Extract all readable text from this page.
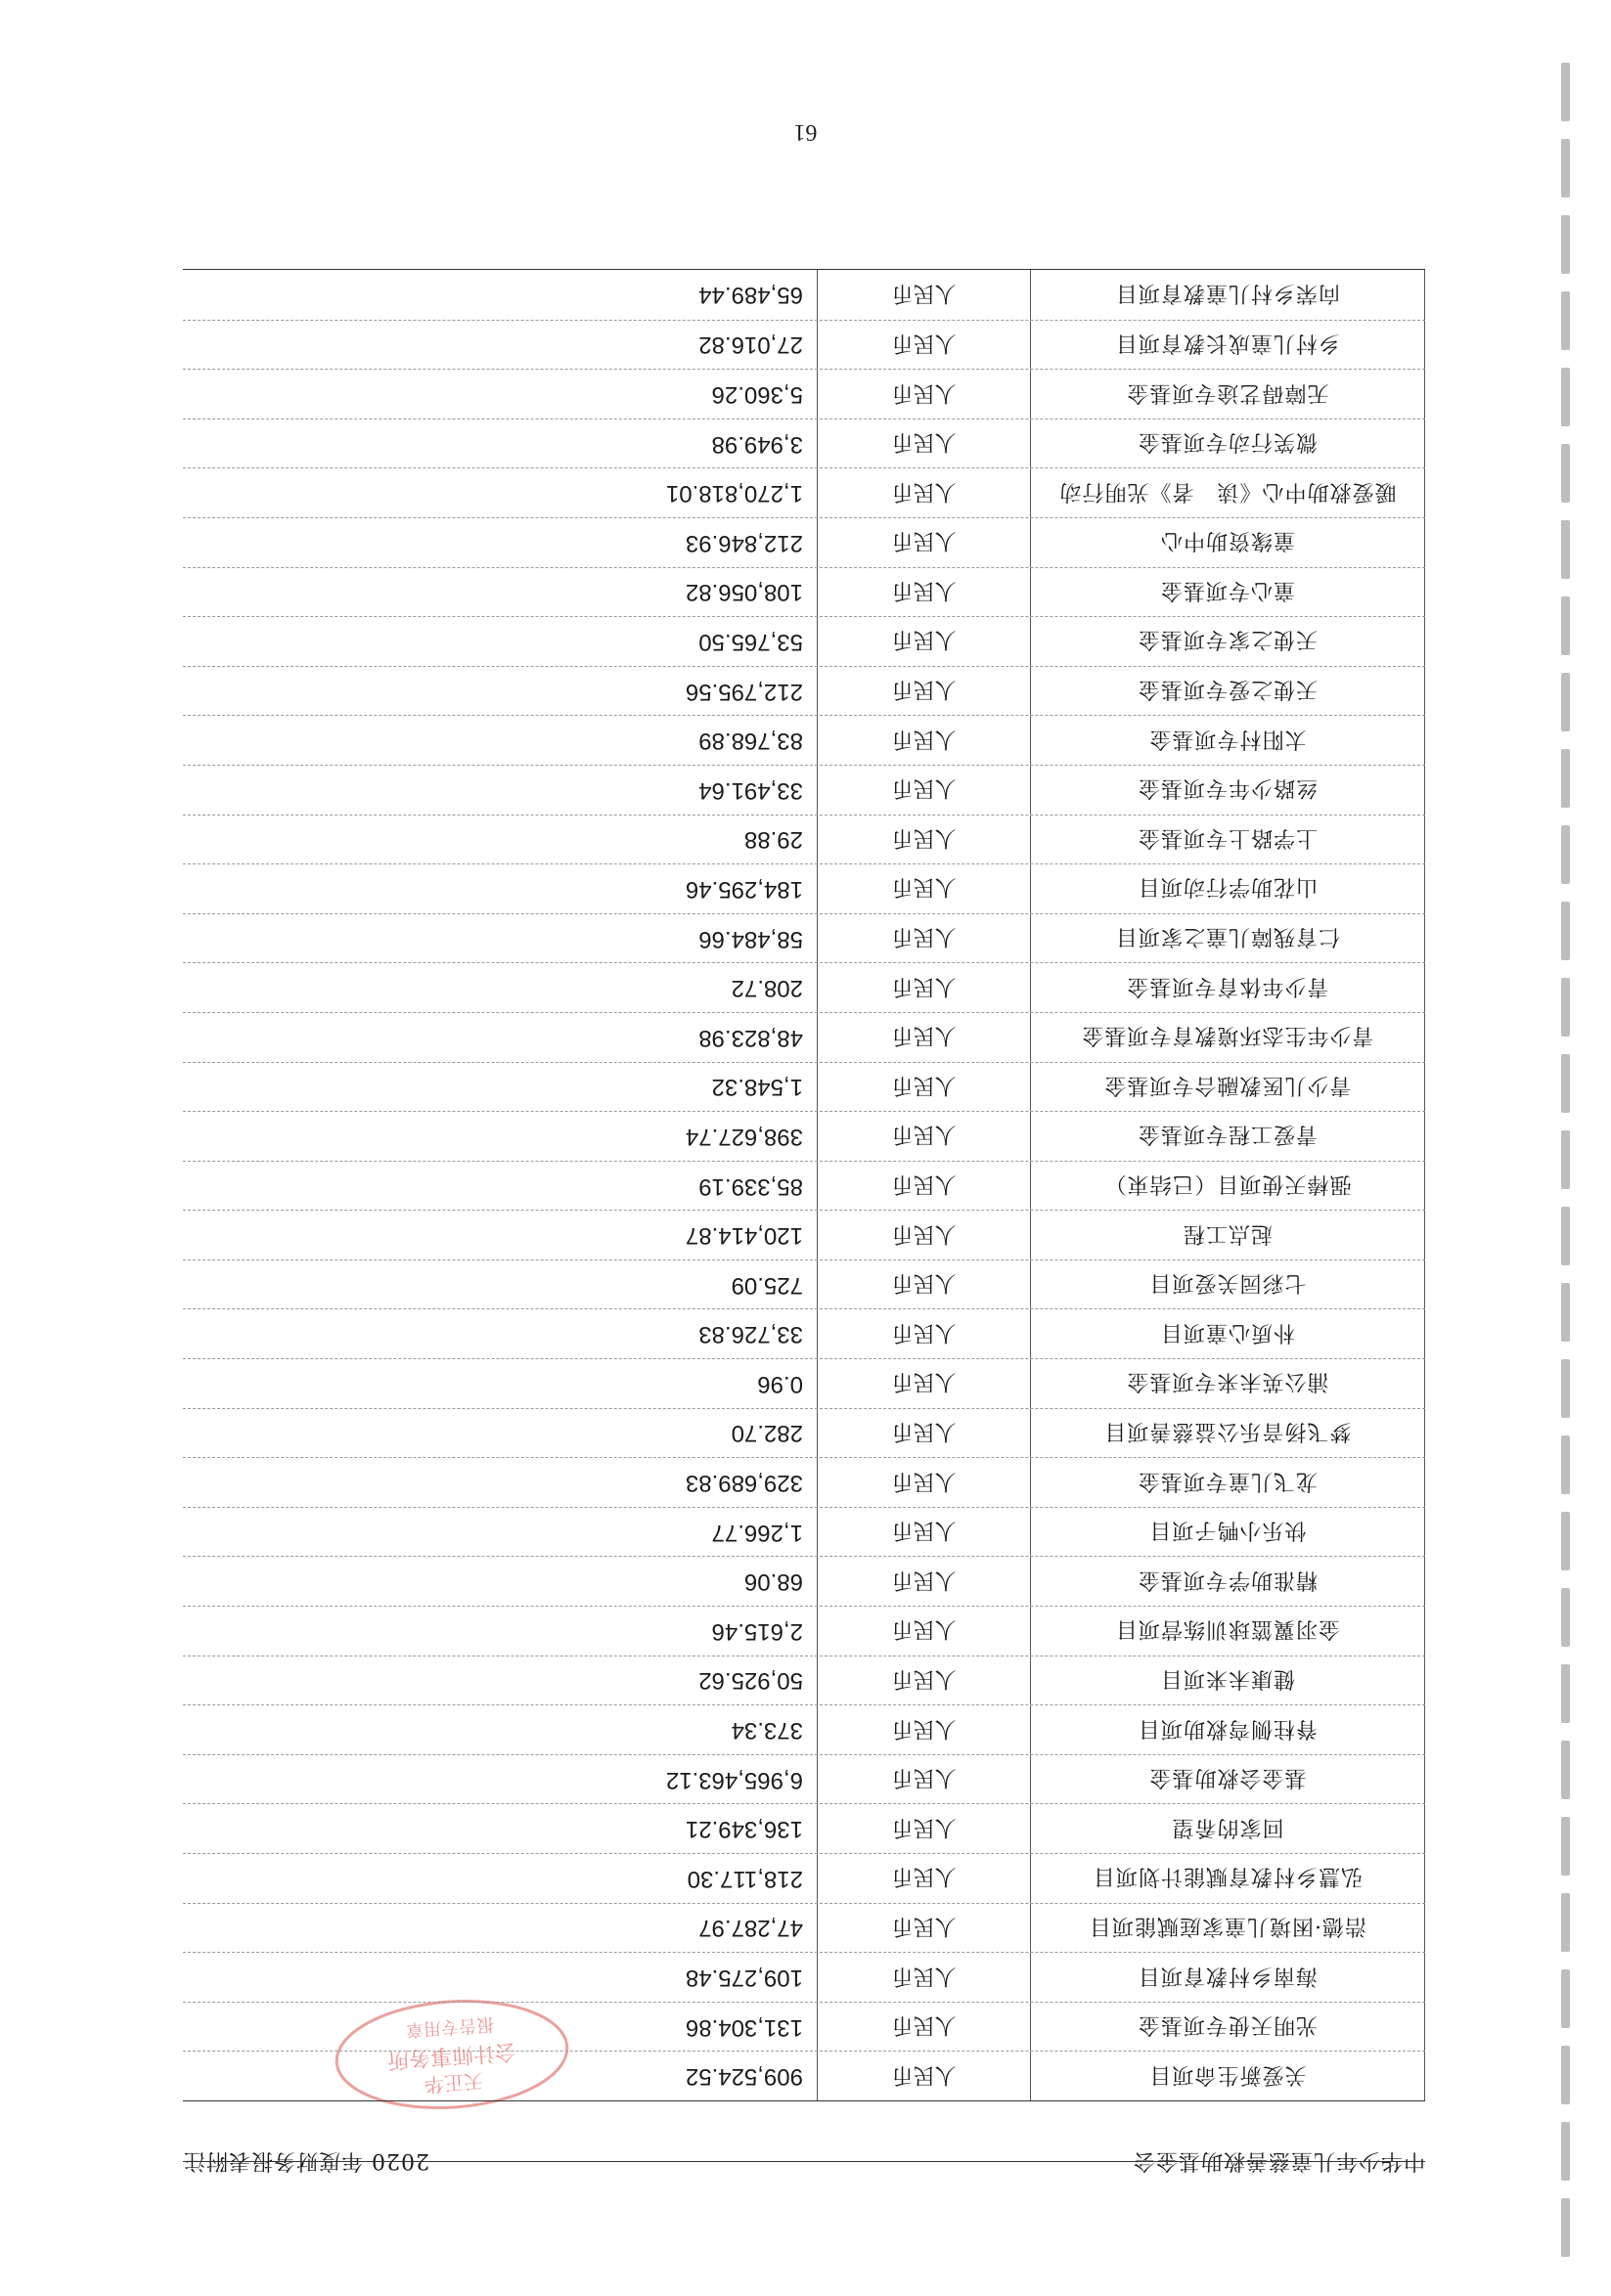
中华少年儿童慈善救助基金会
2020 年度财务报表附注
天正华
会计师事务所
报告专用章
关爱新生命项目
人民币
909,524.52
光明天使专项基金
人民币
131,304.86
海南乡村教育项目
人民币
109,275.48
浩德·困境儿童家庭赋能项目
人民币
47,287.97
弘慧乡村教育赋能计划项目
人民币
218,117.30
回家的希望
人民币
136,349.21
基金会救助基金
人民币
6,965,463.12
脊柱侧弯救助项目
人民币
373.34
健康未来项目
人民币
50,925.62
金羽翼篮球训练营项目
人民币
2,615.46
精准助学专项基金
人民币
68.06
快乐小鸭子项目
人民币
1,266.77
龙飞儿童专项基金
人民币
329,689.83
梦飞扬音乐公益慈善项目
人民币
282.70
浦公英未来专项基金
人民币
0.96
朴质心童项目
人民币
33,726.83
七彩园关爱项目
人民币
725.09
起点工程
人民币
120,414.87
强棒天使项目（已结束）
人民币
85,339.19
青爱工程专项基金
人民币
398,627.74
青少儿医教融合专项基金
人民币
1,548.32
青少年生态环境教育专项基金
人民币
48,823.98
青少年体育专项基金
人民币
208.72
仁育残障儿童之家项目
人民币
58,484.66
山花助学行动项目
人民币
184,295.46
上学路上专项基金
人民币
29.88
丝路少年专项基金
人民币
33,491.64
太阳村专项基金
人民币
83,768.89
天使之爱专项基金
人民币
212,795.56
天使之家专项基金
人民币
53,765.50
童心专项基金
人民币
108,056.82
童缘资助中心
人民币
212,846.93
暖爱救助中心《读　者》光明行动
人民币
1,270,818.01
微笑行动专项基金
人民币
3,949.98
无障碍艺途专项基金
人民币
5,360.26
乡村儿童成长教育项目
人民币
27,016.82
向荣乡村儿童教育项目
人民币
65,489.44
61
